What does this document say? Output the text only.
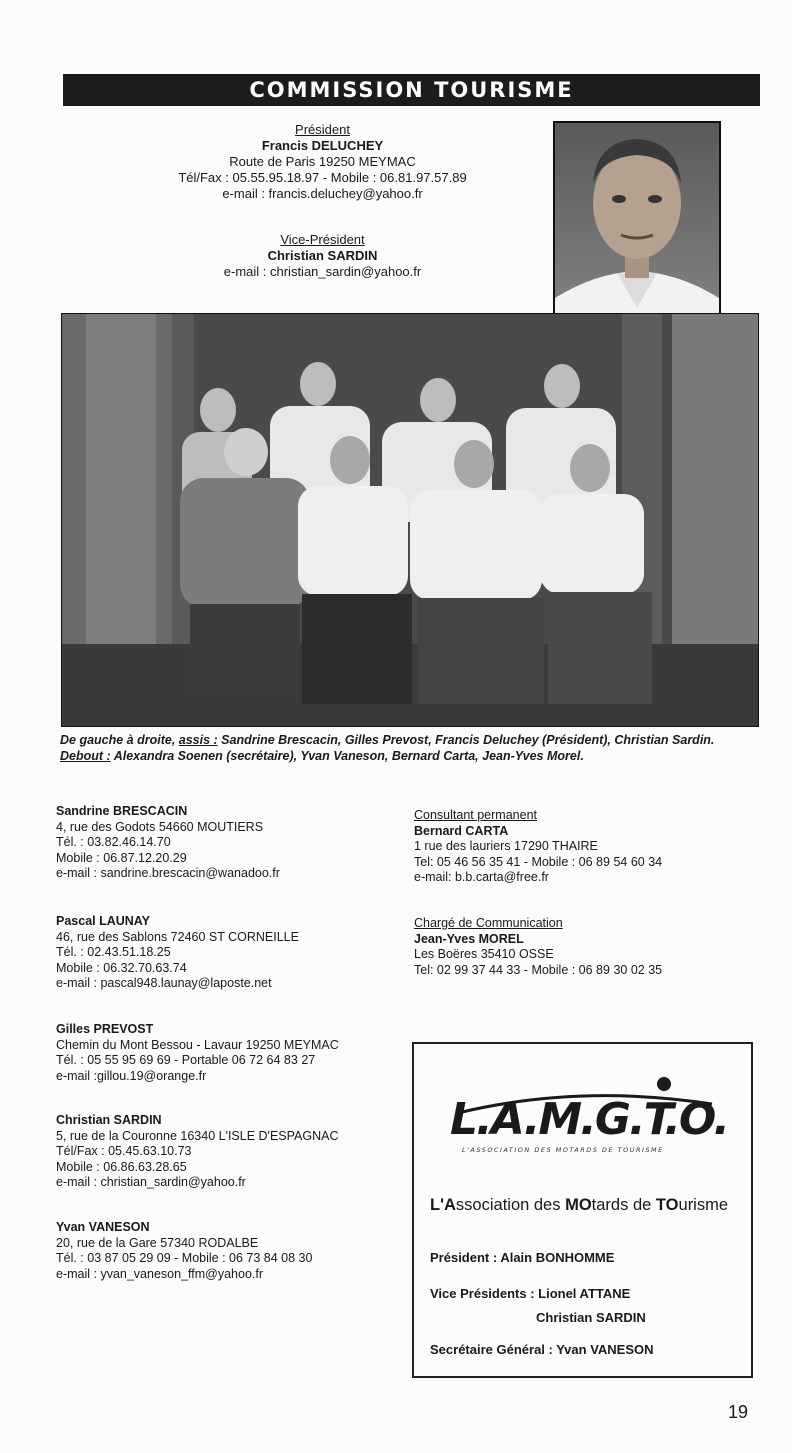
COMMISSION TOURISME
Président
Francis DELUCHEY
Route de Paris 19250 MEYMAC
Tél/Fax : 05.55.95.18.97 - Mobile : 06.81.97.57.89
e-mail : francis.deluchey@yahoo.fr
Vice-Président
Christian SARDIN
e-mail : christian_sardin@yahoo.fr
De gauche à droite, assis : Sandrine Brescacin, Gilles Prevost, Francis Deluchey (Président), Christian Sardin.
Debout : Alexandra Soenen (secrétaire), Yvan Vaneson, Bernard Carta, Jean-Yves Morel.
Sandrine BRESCACIN
4, rue des Godots 54660 MOUTIERS
Tél. : 03.82.46.14.70
Mobile : 06.87.12.20.29
e-mail : sandrine.brescacin@wanadoo.fr
Pascal LAUNAY
46, rue des Sablons 72460 ST CORNEILLE
Tél. : 02.43.51.18.25
Mobile : 06.32.70.63.74
e-mail : pascal948.launay@laposte.net
Gilles PREVOST
Chemin du Mont Bessou - Lavaur 19250 MEYMAC
Tél. : 05 55 95 69 69 - Portable 06 72 64 83 27
e-mail :gillou.19@orange.fr
Christian SARDIN
5, rue de la Couronne 16340 L'ISLE D'ESPAGNAC
Tél/Fax : 05.45.63.10.73
Mobile : 06.86.63.28.65
e-mail : christian_sardin@yahoo.fr
Yvan VANESON
20, rue de la Gare 57340 RODALBE
Tél. : 03 87 05 29 09 - Mobile : 06 73 84 08 30
e-mail : yvan_vaneson_ffm@yahoo.fr
Consultant permanent
Bernard CARTA
1 rue des lauriers 17290 THAIRE
Tel: 05 46 56 35 41 - Mobile : 06 89 54 60 34
e-mail: b.b.carta@free.fr
Chargé de Communication
Jean-Yves MOREL
Les Boëres 35410 OSSE
Tel: 02 99 37 44 33 - Mobile : 06 89 30 02 35
L.A.M.G.T.O.
L'ASSOCIATION DES MOTARDS DE TOURISME
L'Association des MOtards de TOurisme
Président : Alain BONHOMME
Vice Présidents : Lionel ATTANE
Christian SARDIN
Secrétaire Général : Yvan VANESON
19
